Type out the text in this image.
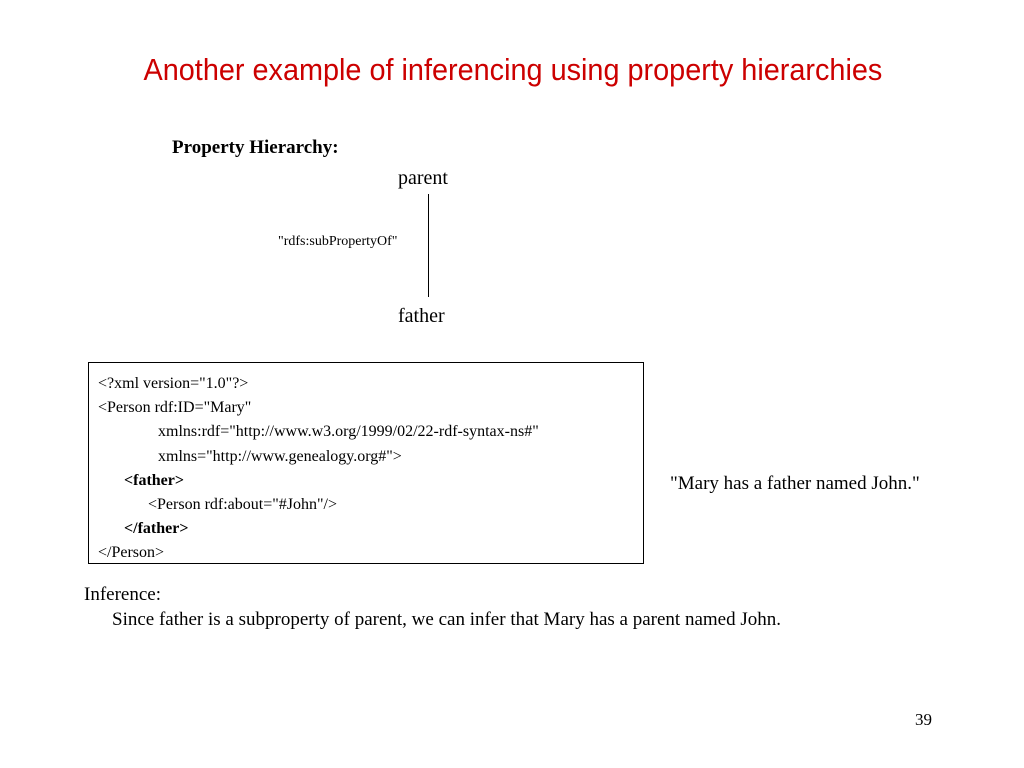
Another example of inferencing using property hierarchies
Property Hierarchy:
parent
"rdfs:subPropertyOf"
father
<?xml version="1.0"?>
<Person rdf:ID="Mary"
xmlns:rdf="http://www.w3.org/1999/02/22-rdf-syntax-ns#"
xmlns="http://www.genealogy.org#">
<father>
<Person rdf:about="#John"/>
</father>
</Person>
"Mary has a father named John."
Inference:
Since father is a subproperty of parent, we can infer that Mary has a parent named John.
39
